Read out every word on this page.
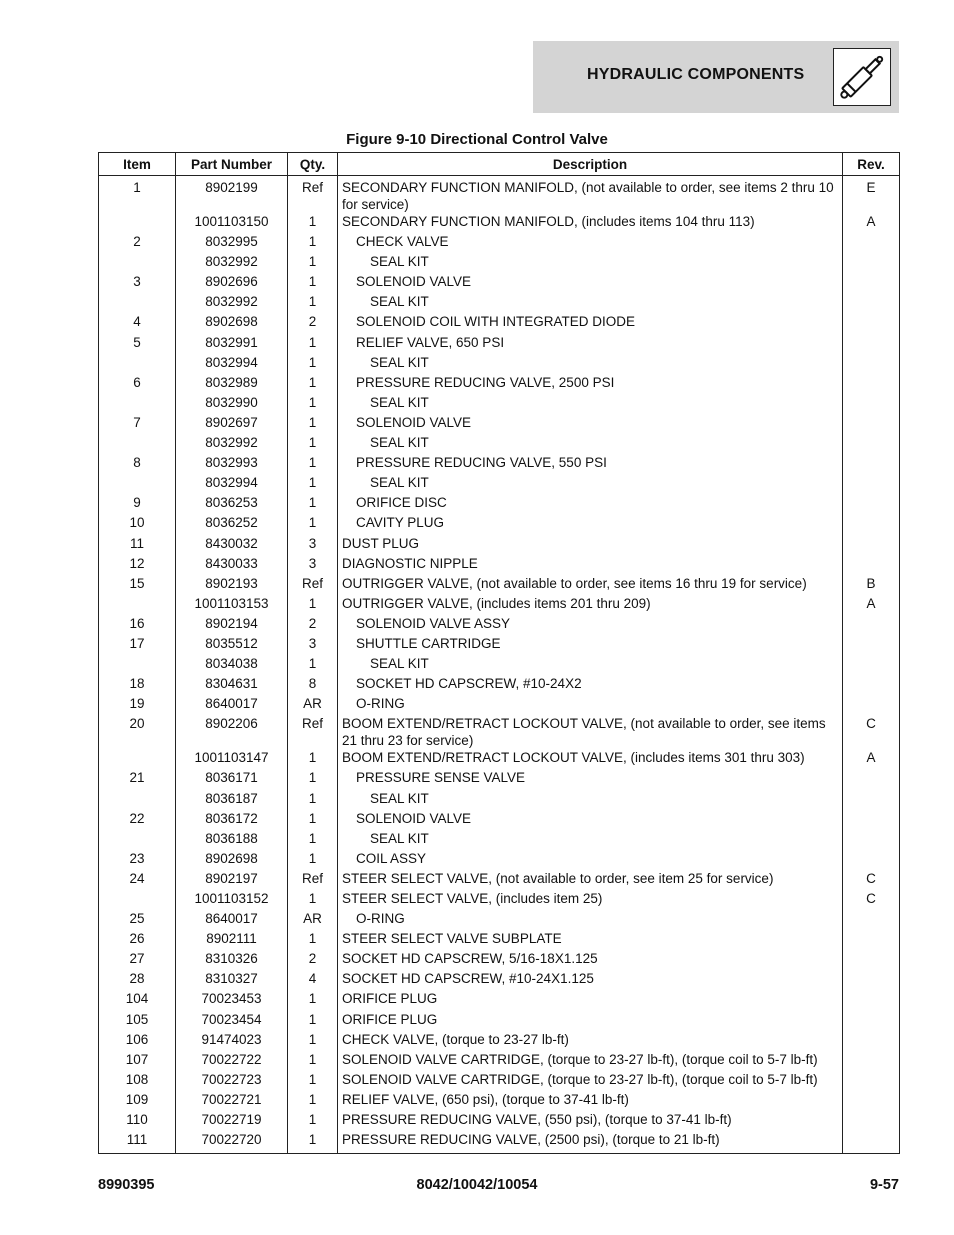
HYDRAULIC COMPONENTS
Figure 9-10 Directional Control Valve
Item	Part Number	Qty.	Description	Rev.
1	8902199	Ref	SECONDARY FUNCTION MANIFOLD, (not available to order, see items 2 thru 10 for service)	E
	1001103150	1	SECONDARY FUNCTION MANIFOLD, (includes items 104 thru 113)	A
2	8032995	1	CHECK VALVE	
	8032992	1	SEAL KIT	
3	8902696	1	SOLENOID VALVE	
	8032992	1	SEAL KIT	
4	8902698	2	SOLENOID COIL WITH INTEGRATED DIODE	
5	8032991	1	RELIEF VALVE, 650 PSI	
	8032994	1	SEAL KIT	
6	8032989	1	PRESSURE REDUCING VALVE, 2500 PSI	
	8032990	1	SEAL KIT	
7	8902697	1	SOLENOID VALVE	
	8032992	1	SEAL KIT	
8	8032993	1	PRESSURE REDUCING VALVE, 550 PSI	
	8032994	1	SEAL KIT	
9	8036253	1	ORIFICE DISC	
10	8036252	1	CAVITY PLUG	
11	8430032	3	DUST PLUG	
12	8430033	3	DIAGNOSTIC NIPPLE	
15	8902193	Ref	OUTRIGGER VALVE, (not available to order, see items 16 thru 19 for service)	B
	1001103153	1	OUTRIGGER VALVE, (includes items 201 thru 209)	A
16	8902194	2	SOLENOID VALVE ASSY	
17	8035512	3	SHUTTLE CARTRIDGE	
	8034038	1	SEAL KIT	
18	8304631	8	SOCKET HD CAPSCREW, #10-24X2	
19	8640017	AR	O-RING	
20	8902206	Ref	BOOM EXTEND/RETRACT LOCKOUT VALVE, (not available to order, see items 21 thru 23 for service)	C
	1001103147	1	BOOM EXTEND/RETRACT LOCKOUT VALVE, (includes items 301 thru 303)	A
21	8036171	1	PRESSURE SENSE VALVE	
	8036187	1	SEAL KIT	
22	8036172	1	SOLENOID VALVE	
	8036188	1	SEAL KIT	
23	8902698	1	COIL ASSY	
24	8902197	Ref	STEER SELECT VALVE, (not available to order, see item 25 for service)	C
	1001103152	1	STEER SELECT VALVE, (includes item 25)	C
25	8640017	AR	O-RING	
26	8902111	1	STEER SELECT VALVE SUBPLATE	
27	8310326	2	SOCKET HD CAPSCREW, 5/16-18X1.125	
28	8310327	4	SOCKET HD CAPSCREW, #10-24X1.125	
104	70023453	1	ORIFICE PLUG	
105	70023454	1	ORIFICE PLUG	
106	91474023	1	CHECK VALVE, (torque to 23-27 lb-ft)	
107	70022722	1	SOLENOID VALVE CARTRIDGE, (torque to 23-27 lb-ft), (torque coil to 5-7 lb-ft)	
108	70022723	1	SOLENOID VALVE CARTRIDGE, (torque to 23-27 lb-ft), (torque coil to 5-7 lb-ft)	
109	70022721	1	RELIEF VALVE, (650 psi), (torque to 37-41 lb-ft)	
110	70022719	1	PRESSURE REDUCING VALVE, (550 psi), (torque to 37-41 lb-ft)	
111	70022720	1	PRESSURE REDUCING VALVE, (2500 psi), (torque to 21 lb-ft)	
8990395	8042/10042/10054	9-57
